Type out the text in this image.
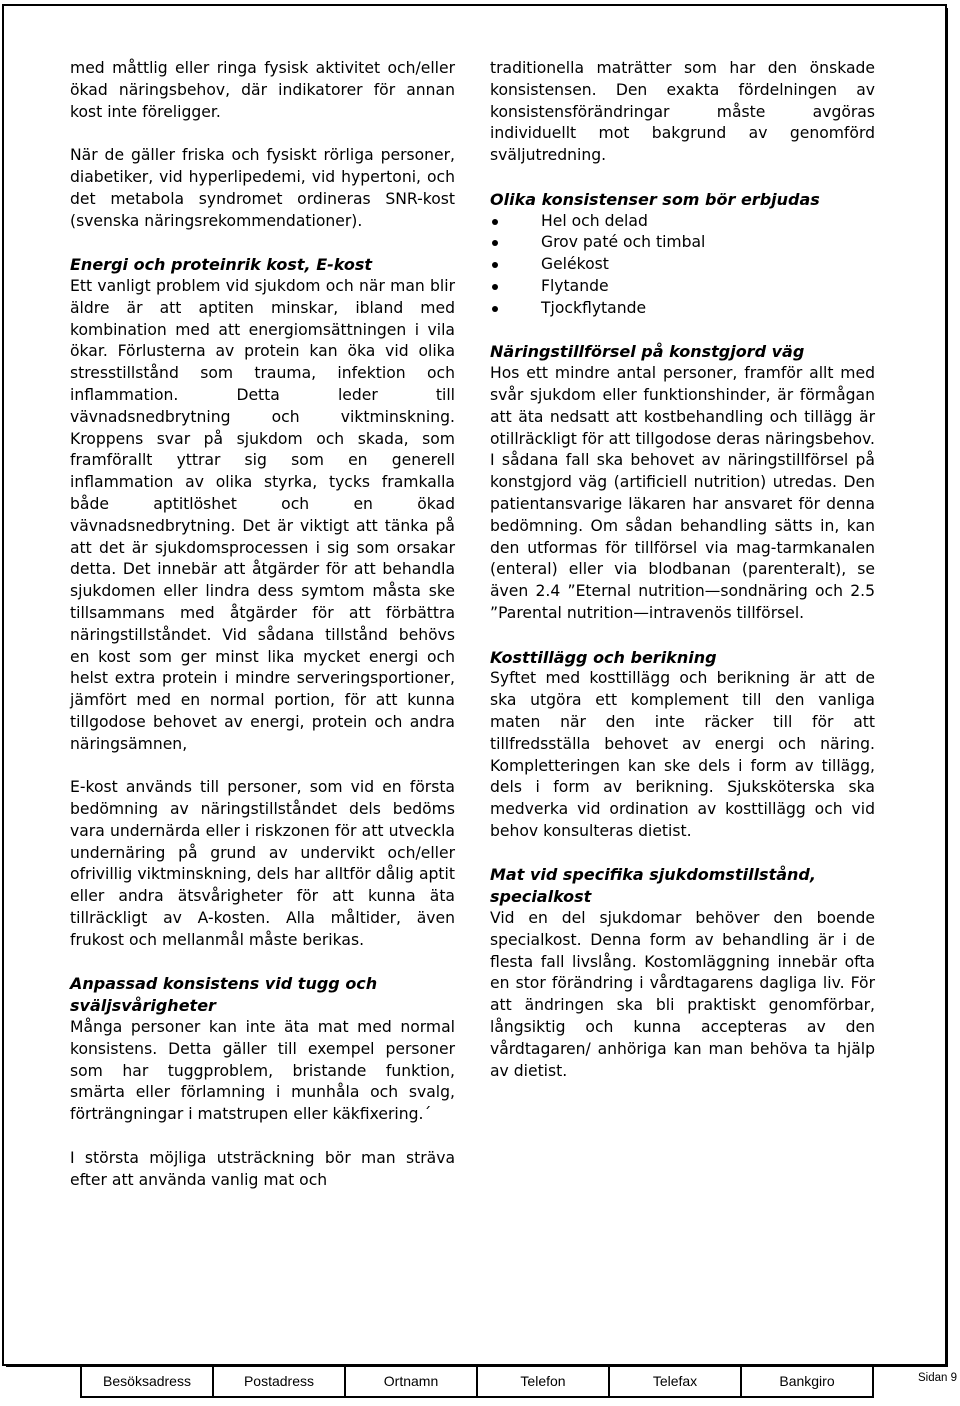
med måttlig eller ringa fysisk aktivitet och/eller ökad näringsbehov, där indikatorer för annan kost inte föreligger.

När de gäller friska och fysiskt rörliga personer, diabetiker, vid hyperlipedemi, vid hypertoni, och det metabola syndromet ordineras SNR-kost (svenska näringsrekommendationer).

Energi och proteinrik kost, E-kost

Ett vanligt problem vid sjukdom och när man blir äldre är att aptiten minskar, ibland med kombination med att energiomsättningen i vila ökar. Förlusterna av protein kan öka vid olika stresstillstånd som trauma, infektion och inflammation. Detta leder till vävnadsnedbrytning och viktminskning. Kroppens svar på sjukdom och skada, som framförallt yttrar sig som en generell inflammation av olika styrka, tycks framkalla både aptitlöshet och en ökad vävnadsnedbrytning. Det är viktigt att tänka på att det är sjukdomsprocessen i sig som orsakar detta. Det innebär att åtgärder för att behandla sjukdomen eller lindra dess symtom måsta ske tillsammans med åtgärder för att förbättra näringstillståndet. Vid sådana tillstånd behövs en kost som ger minst lika mycket energi och helst extra protein i mindre serveringsportioner, jämfört med en normal portion, för att kunna tillgodose behovet av energi, protein och andra näringsämnen,

E-kost används till personer, som vid en första bedömning av näringstillståndet dels bedöms vara undernärda eller i riskzonen för att utveckla undernäring på grund av undervikt och/eller ofrivillig viktminskning, dels har alltför dålig aptit eller andra ätsvårigheter för att kunna äta tillräckligt av A-kosten. Alla måltider, även frukost och mellanmål måste berikas.

Anpassad konsistens vid tugg och sväljsvårigheter

Många personer kan inte äta mat med normal konsistens. Detta gäller till exempel personer som har tuggproblem, bristande funktion, smärta eller förlamning i munhåla och svalg, förträngningar i matstrupen eller käkfixering.´

I största möjliga utsträckning bör man sträva efter att använda vanlig mat och

traditionella maträtter som har den önskade konsistensen. Den exakta fördelningen av konsistensförändringar måste avgöras individuellt mot bakgrund av genomförd sväljutredning.

Olika konsistenser som bör erbjudas
Hel och delad
Grov paté och timbal
Gelékost
Flytande
Tjockflytande
Näringstillförsel på konstgjord väg

Hos ett mindre antal personer, framför allt med svår sjukdom eller funktionshinder, är förmågan att äta nedsatt att kostbehandling och tillägg är otillräckligt för att tillgodose deras näringsbehov. I sådana fall ska behovet av näringstillförsel på konstgjord väg (artificiell nutrition) utredas. Den patientansvarige läkaren har ansvaret för denna bedömning. Om sådan behandling sätts in, kan den utformas för tillförsel via mag-tarmkanalen (enteral) eller via blodbanan (parenteralt), se även 2.4 ”Eternal nutrition—sondnäring och 2.5 ”Parental nutrition—intravenös tillförsel.

Kosttillägg och berikning

Syftet med kosttillägg och berikning är att de ska utgöra ett komplement till den vanliga maten när den inte räcker till för att tillfredsställa behovet av energi och näring. Kompletteringen kan ske dels i form av tillägg, dels i form av berikning. Sjuksköterska ska medverka vid ordination av kosttillägg och vid behov konsulteras dietist.

Mat vid specifika sjukdomstillstånd, specialkost

Vid en del sjukdomar behöver den boende specialkost. Denna form av behandling är i de flesta fall livslång. Kostomläggning innebär ofta en stor förändring i vårdtagarens dagliga liv. För att ändringen ska bli praktiskt genomförbar, långsiktig och kunna accepteras av den vårdtagaren/ anhöriga kan man behöva ta hjälp av dietist.

Besöksadress	Postadress	Ortnamn	Telefon	Telefax	Bankgiro	Sidan 9
